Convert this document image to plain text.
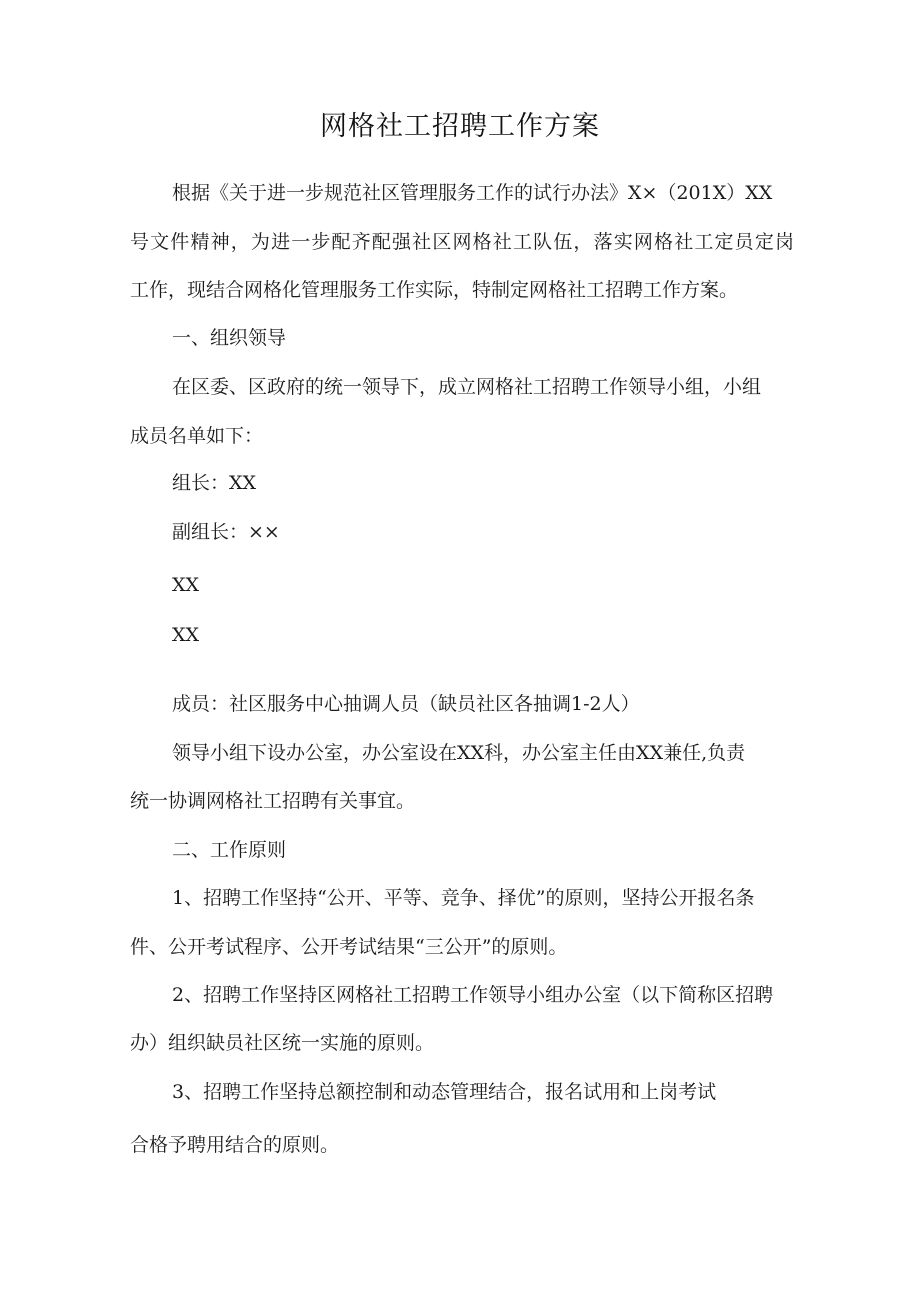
网格社工招聘工作方案
根据《关于进一步规范社区管理服务工作的试行办法》X×（201X）XX
号文件精神，为进一步配齐配强社区网格社工队伍，落实网格社工定员定岗
工作，现结合网格化管理服务工作实际，特制定网格社工招聘工作方案。
一、组织领导
在区委、区政府的统一领导下，成立网格社工招聘工作领导小组，小组
成员名单如下：
组长：XX
副组长：××
XX
XX
成员：社区服务中心抽调人员（缺员社区各抽调1-2人）
领导小组下设办公室，办公室设在XX科，办公室主任由XX兼任,负责
统一协调网格社工招聘有关事宜。
二、工作原则
1、招聘工作坚持“公开、平等、竞争、择优”的原则，坚持公开报名条
件、公开考试程序、公开考试结果“三公开”的原则。
2、招聘工作坚持区网格社工招聘工作领导小组办公室（以下简称区招聘
办）组织缺员社区统一实施的原则。
3、招聘工作坚持总额控制和动态管理结合，报名试用和上岗考试
合格予聘用结合的原则。
